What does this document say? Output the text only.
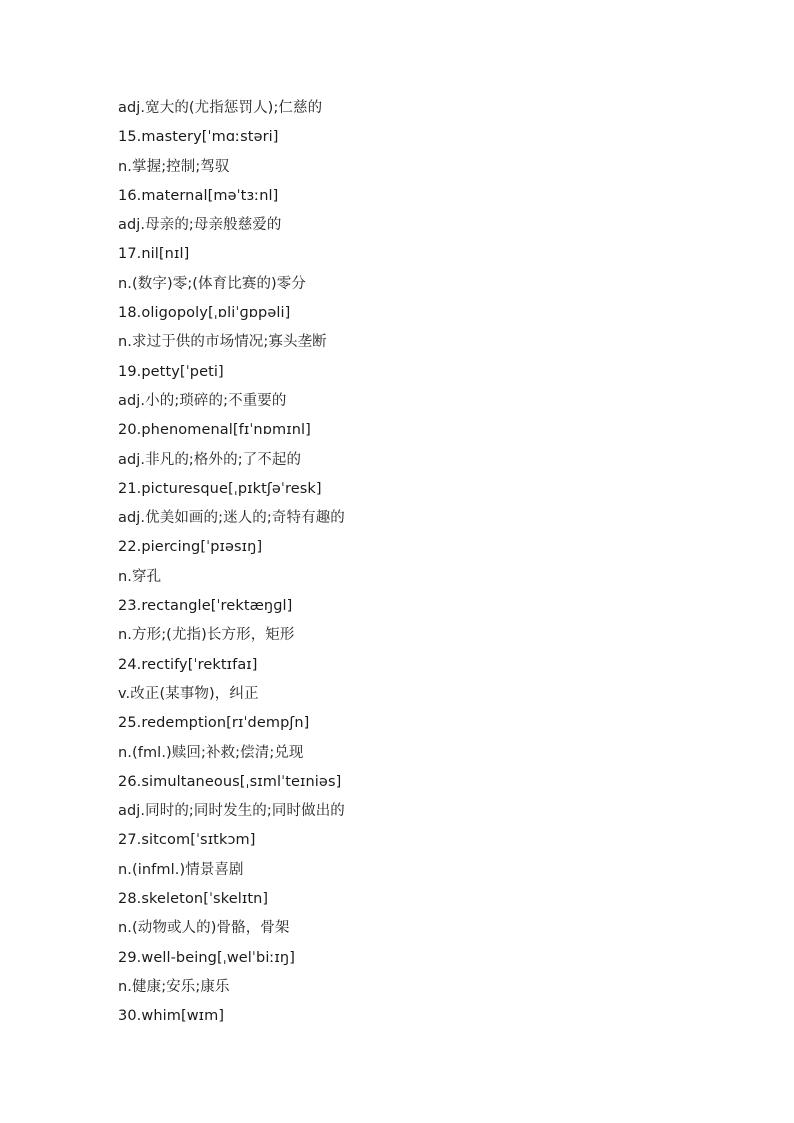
adj.宽大的(尤指惩罚人);仁慈的
15.mastery[ˈmɑːstəri]
n.掌握;控制;驾驭
16.maternal[məˈtɜːnl]
adj.母亲的;母亲般慈爱的
17.nil[nɪl]
n.(数字)零;(体育比赛的)零分
18.oligopoly[ˌɒliˈɡɒpəli]
n.求过于供的市场情况;寡头垄断
19.petty[ˈpeti]
adj.小的;琐碎的;不重要的
20.phenomenal[fɪˈnɒmɪnl]
adj.非凡的;格外的;了不起的
21.picturesque[ˌpɪktʃəˈresk]
adj.优美如画的;迷人的;奇特有趣的
22.piercing[ˈpɪəsɪŋ]
n.穿孔
23.rectangle[ˈrektæŋɡl]
n.方形;(尤指)长方形，矩形
24.rectify[ˈrektɪfaɪ]
v.改正(某事物)，纠正
25.redemption[rɪˈdempʃn]
n.(fml.)赎回;补救;偿清;兑现
26.simultaneous[ˌsɪmlˈteɪniəs]
adj.同时的;同时发生的;同时做出的
27.sitcom[ˈsɪtkɔm]
n.(infml.)情景喜剧
28.skeleton[ˈskelɪtn]
n.(动物或人的)骨骼，骨架
29.well-being[ˌwelˈbiːɪŋ]
n.健康;安乐;康乐
30.whim[wɪm]
